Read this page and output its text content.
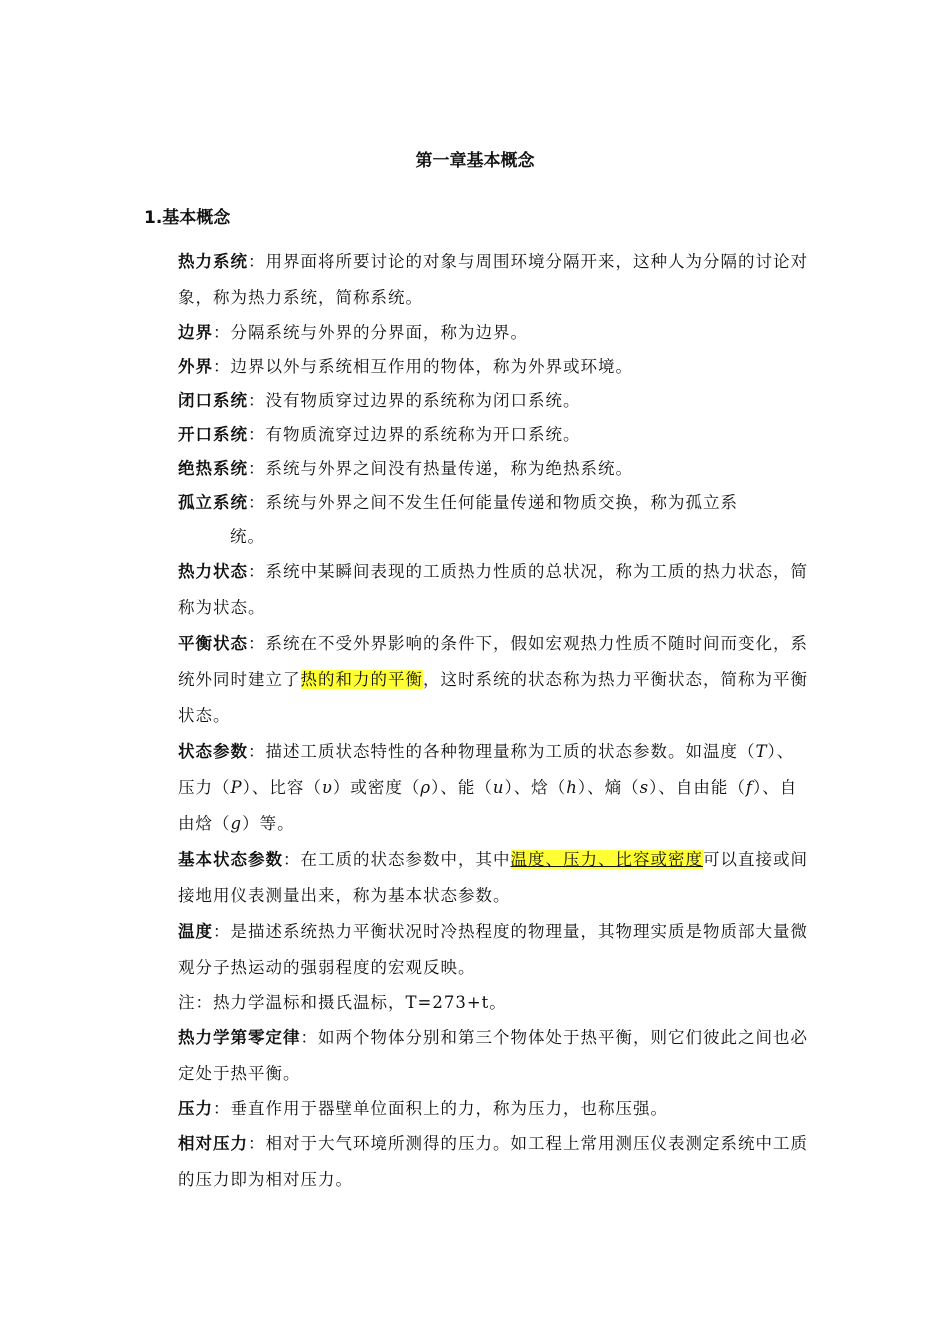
第一章基本概念
1.基本概念

热力系统：用界面将所要讨论的对象与周围环境分隔开来，这种人为分隔的讨论对象，称为热力系统，简称系统。

边界：分隔系统与外界的分界面，称为边界。

外界：边界以外与系统相互作用的物体，称为外界或环境。

闭口系统：没有物质穿过边界的系统称为闭口系统。

开口系统：有物质流穿过边界的系统称为开口系统。

绝热系统：系统与外界之间没有热量传递，称为绝热系统。

孤立系统：系统与外界之间不发生任何能量传递和物质交换，称为孤立系

统。

热力状态：系统中某瞬间表现的工质热力性质的总状况，称为工质的热力状态，简称为状态。

平衡状态：系统在不受外界影响的条件下，假如宏观热力性质不随时间而变化，系统外同时建立了热的和力的平衡，这时系统的状态称为热力平衡状态，简称为平衡状态。

状态参数：描述工质状态特性的各种物理量称为工质的状态参数。如温度（T）、压力（P）、比容（υ）或密度（ρ）、能（u）、焓（h）、熵（s）、自由能（f）、自由焓（g）等。

基本状态参数：在工质的状态参数中，其中温度、压力、比容或密度可以直接或间接地用仪表测量出来，称为基本状态参数。

温度：是描述系统热力平衡状况时冷热程度的物理量，其物理实质是物质部大量微观分子热运动的强弱程度的宏观反映。

注：热力学温标和摄氏温标，T=273+t。

热力学第零定律：如两个物体分别和第三个物体处于热平衡，则它们彼此之间也必定处于热平衡。

压力：垂直作用于器壁单位面积上的力，称为压力，也称压强。

相对压力：相对于大气环境所测得的压力。如工程上常用测压仪表测定系统中工质的压力即为相对压力。
